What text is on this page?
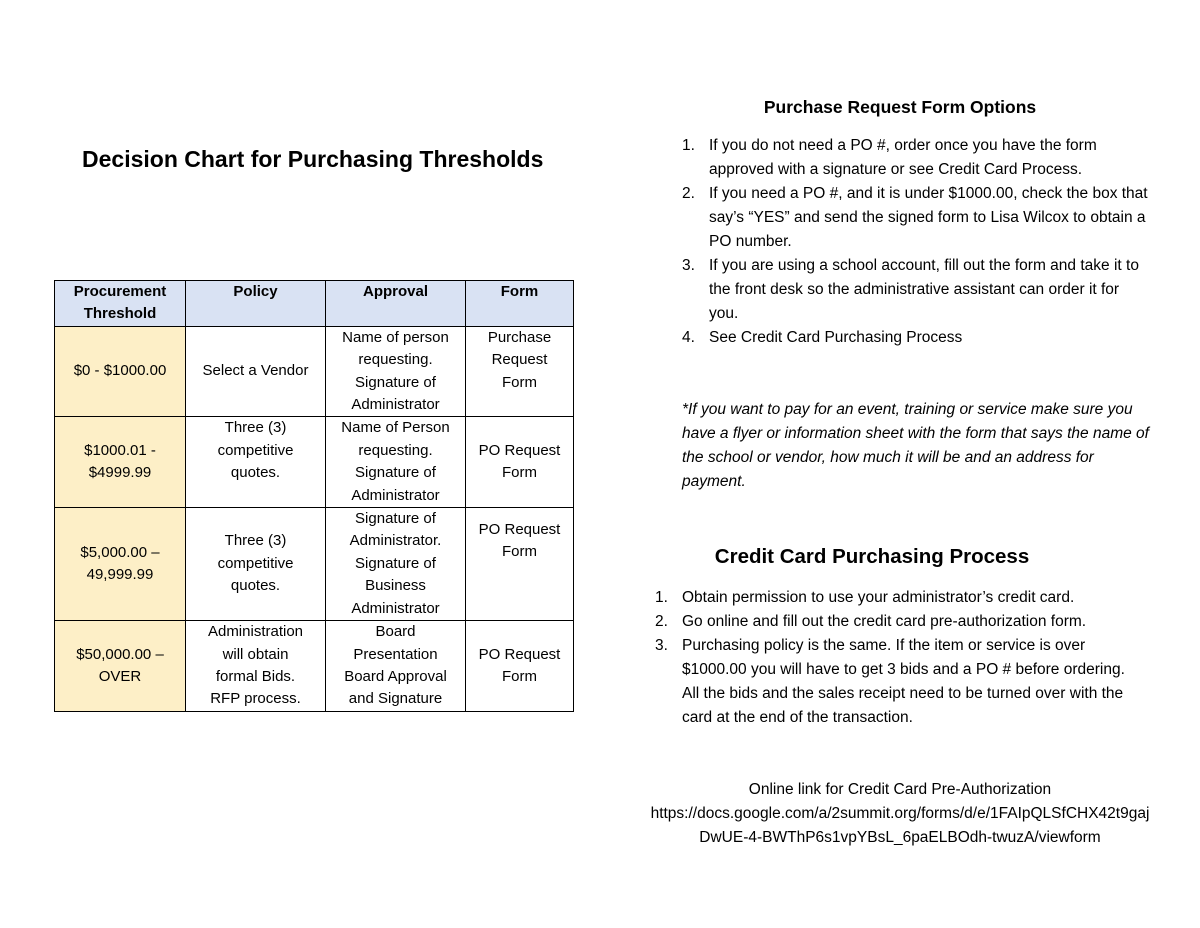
Decision Chart for Purchasing Thresholds
Procurement Threshold	Policy	Approval	Form
$0 - $1000.00	Select a Vendor	Name of person requesting. Signature of Administrator	Purchase Request Form
$1000.01 - $4999.99	Three (3) competitive quotes.	Name of Person requesting. Signature of Administrator	PO Request Form
$5,000.00 – 49,999.99	Three (3) competitive quotes.	Signature of Administrator. Signature of Business Administrator	PO Request Form
$50,000.00 – OVER	Administration will obtain formal Bids. RFP process.	Board Presentation Board Approval and Signature	PO Request Form
Purchase Request Form Options
1. If you do not need a PO #, order once you have the form approved with a signature or see Credit Card Process.
2. If you need a PO #, and it is under $1000.00, check the box that say’s “YES” and send the signed form to Lisa Wilcox to obtain a PO number.
3. If you are using a school account, fill out the form and take it to the front desk so the administrative assistant can order it for you.
4. See Credit Card Purchasing Process

*If you want to pay for an event, training or service make sure you have a flyer or information sheet with the form that says the name of the school or vendor, how much it will be and an address for payment.

Credit Card Purchasing Process
1. Obtain permission to use your administrator’s credit card.
2. Go online and fill out the credit card pre-authorization form.
3. Purchasing policy is the same. If the item or service is over $1000.00 you will have to get 3 bids and a PO # before ordering. All the bids and the sales receipt need to be turned over with the card at the end of the transaction.
Online link for Credit Card Pre-Authorization
https://docs.google.com/a/2summit.org/forms/d/e/1FAIpQLSfCHX42t9gajDwUE-4-BWThP6s1vpYBsL_6paELBOdh-twuzA/viewform
